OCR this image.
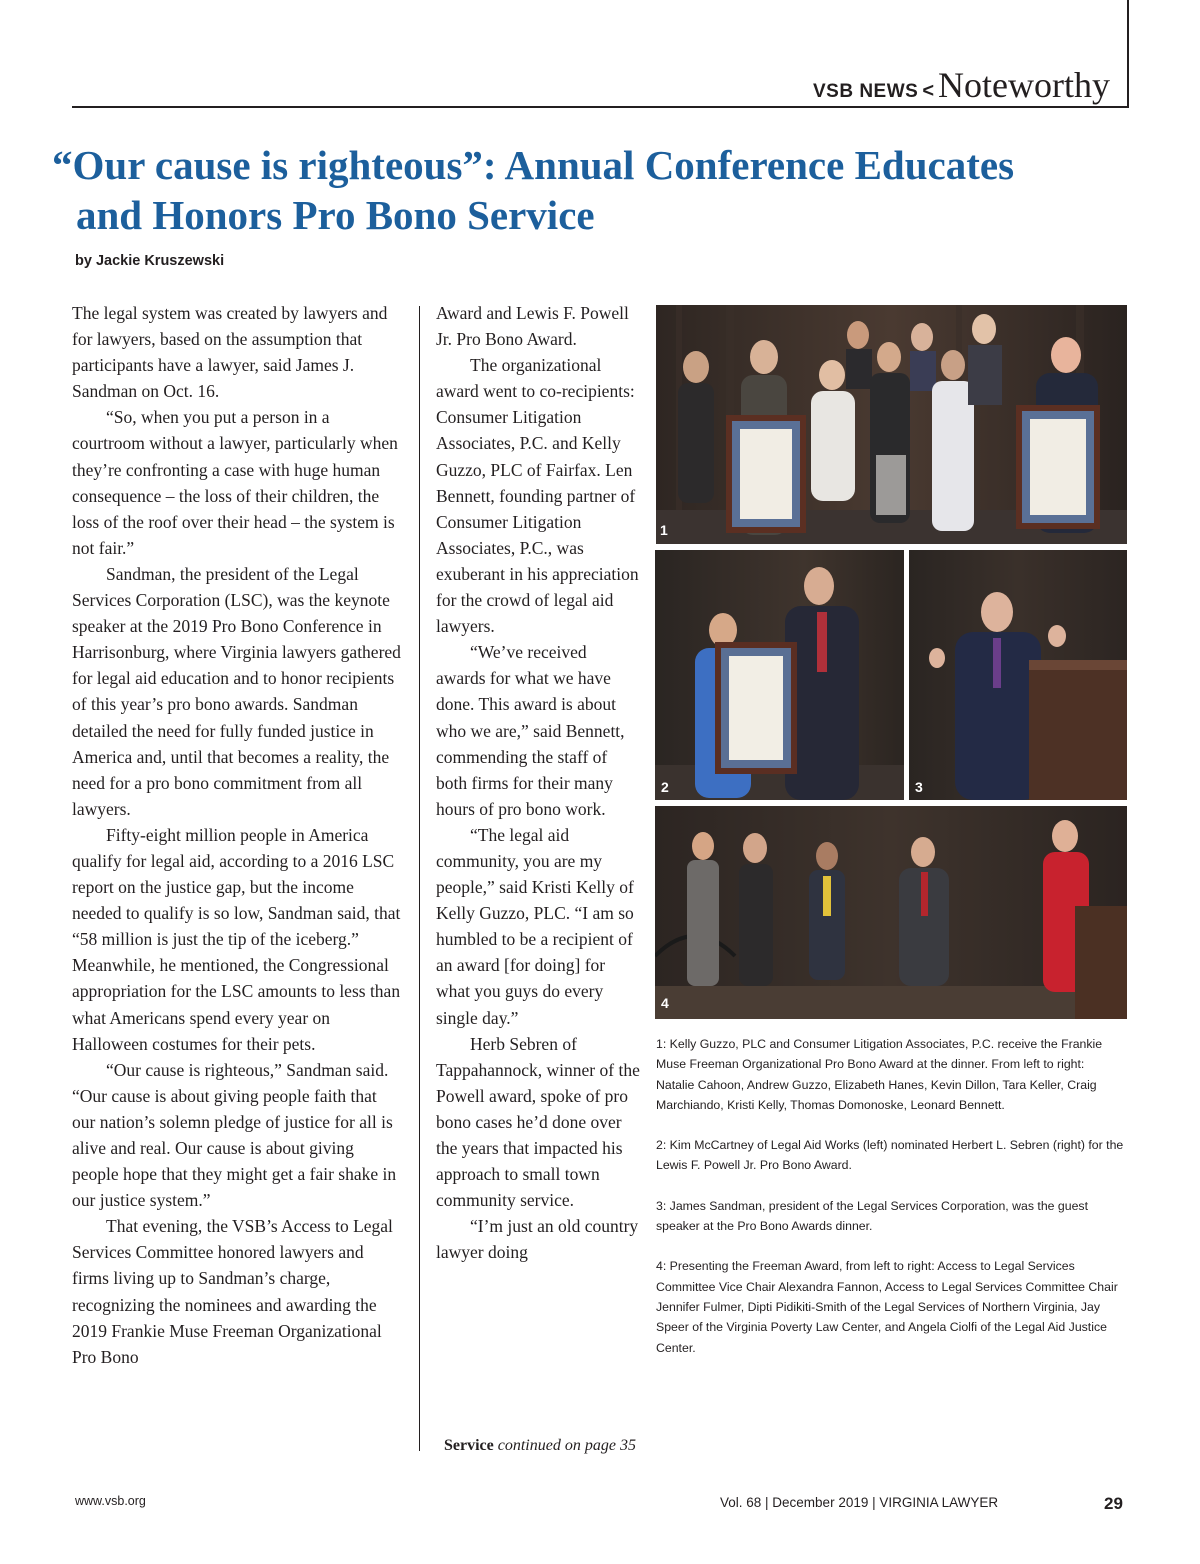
VSB NEWS < Noteworthy
“Our cause is righteous”: Annual Conference Educates
and Honors Pro Bono Service
by Jackie Kruszewski

The legal system was created by lawyers and for lawyers, based on the assumption that participants have a lawyer, said James J. Sandman on Oct. 16.

“So, when you put a person in a courtroom without a lawyer, particularly when they’re confronting a case with huge human consequence – the loss of their children, the loss of the roof over their head – the system is not fair.”

Sandman, the president of the Legal Services Corporation (LSC), was the keynote speaker at the 2019 Pro Bono Conference in Harrisonburg, where Virginia lawyers gathered for legal aid education and to honor recipients of this year’s pro bono awards. Sandman detailed the need for fully funded justice in America and, until that becomes a reality, the need for a pro bono commitment from all lawyers.

Fifty-eight million people in America qualify for legal aid, according to a 2016 LSC report on the justice gap, but the income needed to qualify is so low, Sandman said, that “58 million is just the tip of the iceberg.” Meanwhile, he mentioned, the Congressional appropriation for the LSC amounts to less than what Americans spend every year on Halloween costumes for their pets.

“Our cause is righteous,” Sandman said. “Our cause is about giving people faith that our nation’s solemn pledge of justice for all is alive and real. Our cause is about giving people hope that they might get a fair shake in our justice system.”

That evening, the VSB’s Access to Legal Services Committee honored lawyers and firms living up to Sandman’s charge, recognizing the nominees and awarding the 2019 Frankie Muse Freeman Organizational Pro Bono

Award and Lewis F. Powell Jr. Pro Bono Award.

The organizational award went to co-recipients: Consumer Litigation Associates, P.C. and Kelly Guzzo, PLC of Fairfax. Len Bennett, founding partner of Consumer Litigation Associates, P.C., was exuberant in his appreciation for the crowd of legal aid lawyers.

“We’ve received awards for what we have done. This award is about who we are,” said Bennett, commending the staff of both firms for their many hours of pro bono work.

“The legal aid community, you are my people,” said Kristi Kelly of Kelly Guzzo, PLC. “I am so humbled to be a recipient of an award [for doing] for what you guys do every single day.”

Herb Sebren of Tappahannock, winner of the Powell award, spoke of pro bono cases he’d done over the years that impacted his approach to small town community service.

“I’m just an old country lawyer doing

Service continued on page 35
1
2	3
4

1: Kelly Guzzo, PLC and Consumer Litigation Associates, P.C. receive the Frankie Muse Freeman Organizational Pro Bono Award at the dinner. From left to right: Natalie Cahoon, Andrew Guzzo, Elizabeth Hanes, Kevin Dillon, Tara Keller, Craig Marchiando, Kristi Kelly, Thomas Domonoske, Leonard Bennett.

2: Kim McCartney of Legal Aid Works (left) nominated Herbert L. Sebren (right) for the Lewis F. Powell Jr. Pro Bono Award.

3: James Sandman, president of the Legal Services Corporation, was the guest speaker at the Pro Bono Awards dinner.

4: Presenting the Freeman Award, from left to right: Access to Legal Services Committee Vice Chair Alexandra Fannon, Access to Legal Services Committee Chair Jennifer Fulmer, Dipti Pidikiti-Smith of the Legal Services of Northern Virginia, Jay Speer of the Virginia Poverty Law Center, and Angela Ciolfi of the Legal Aid Justice Center.

www.vsb.org	Vol. 68 | December 2019 | VIRGINIA LAWYER	29
